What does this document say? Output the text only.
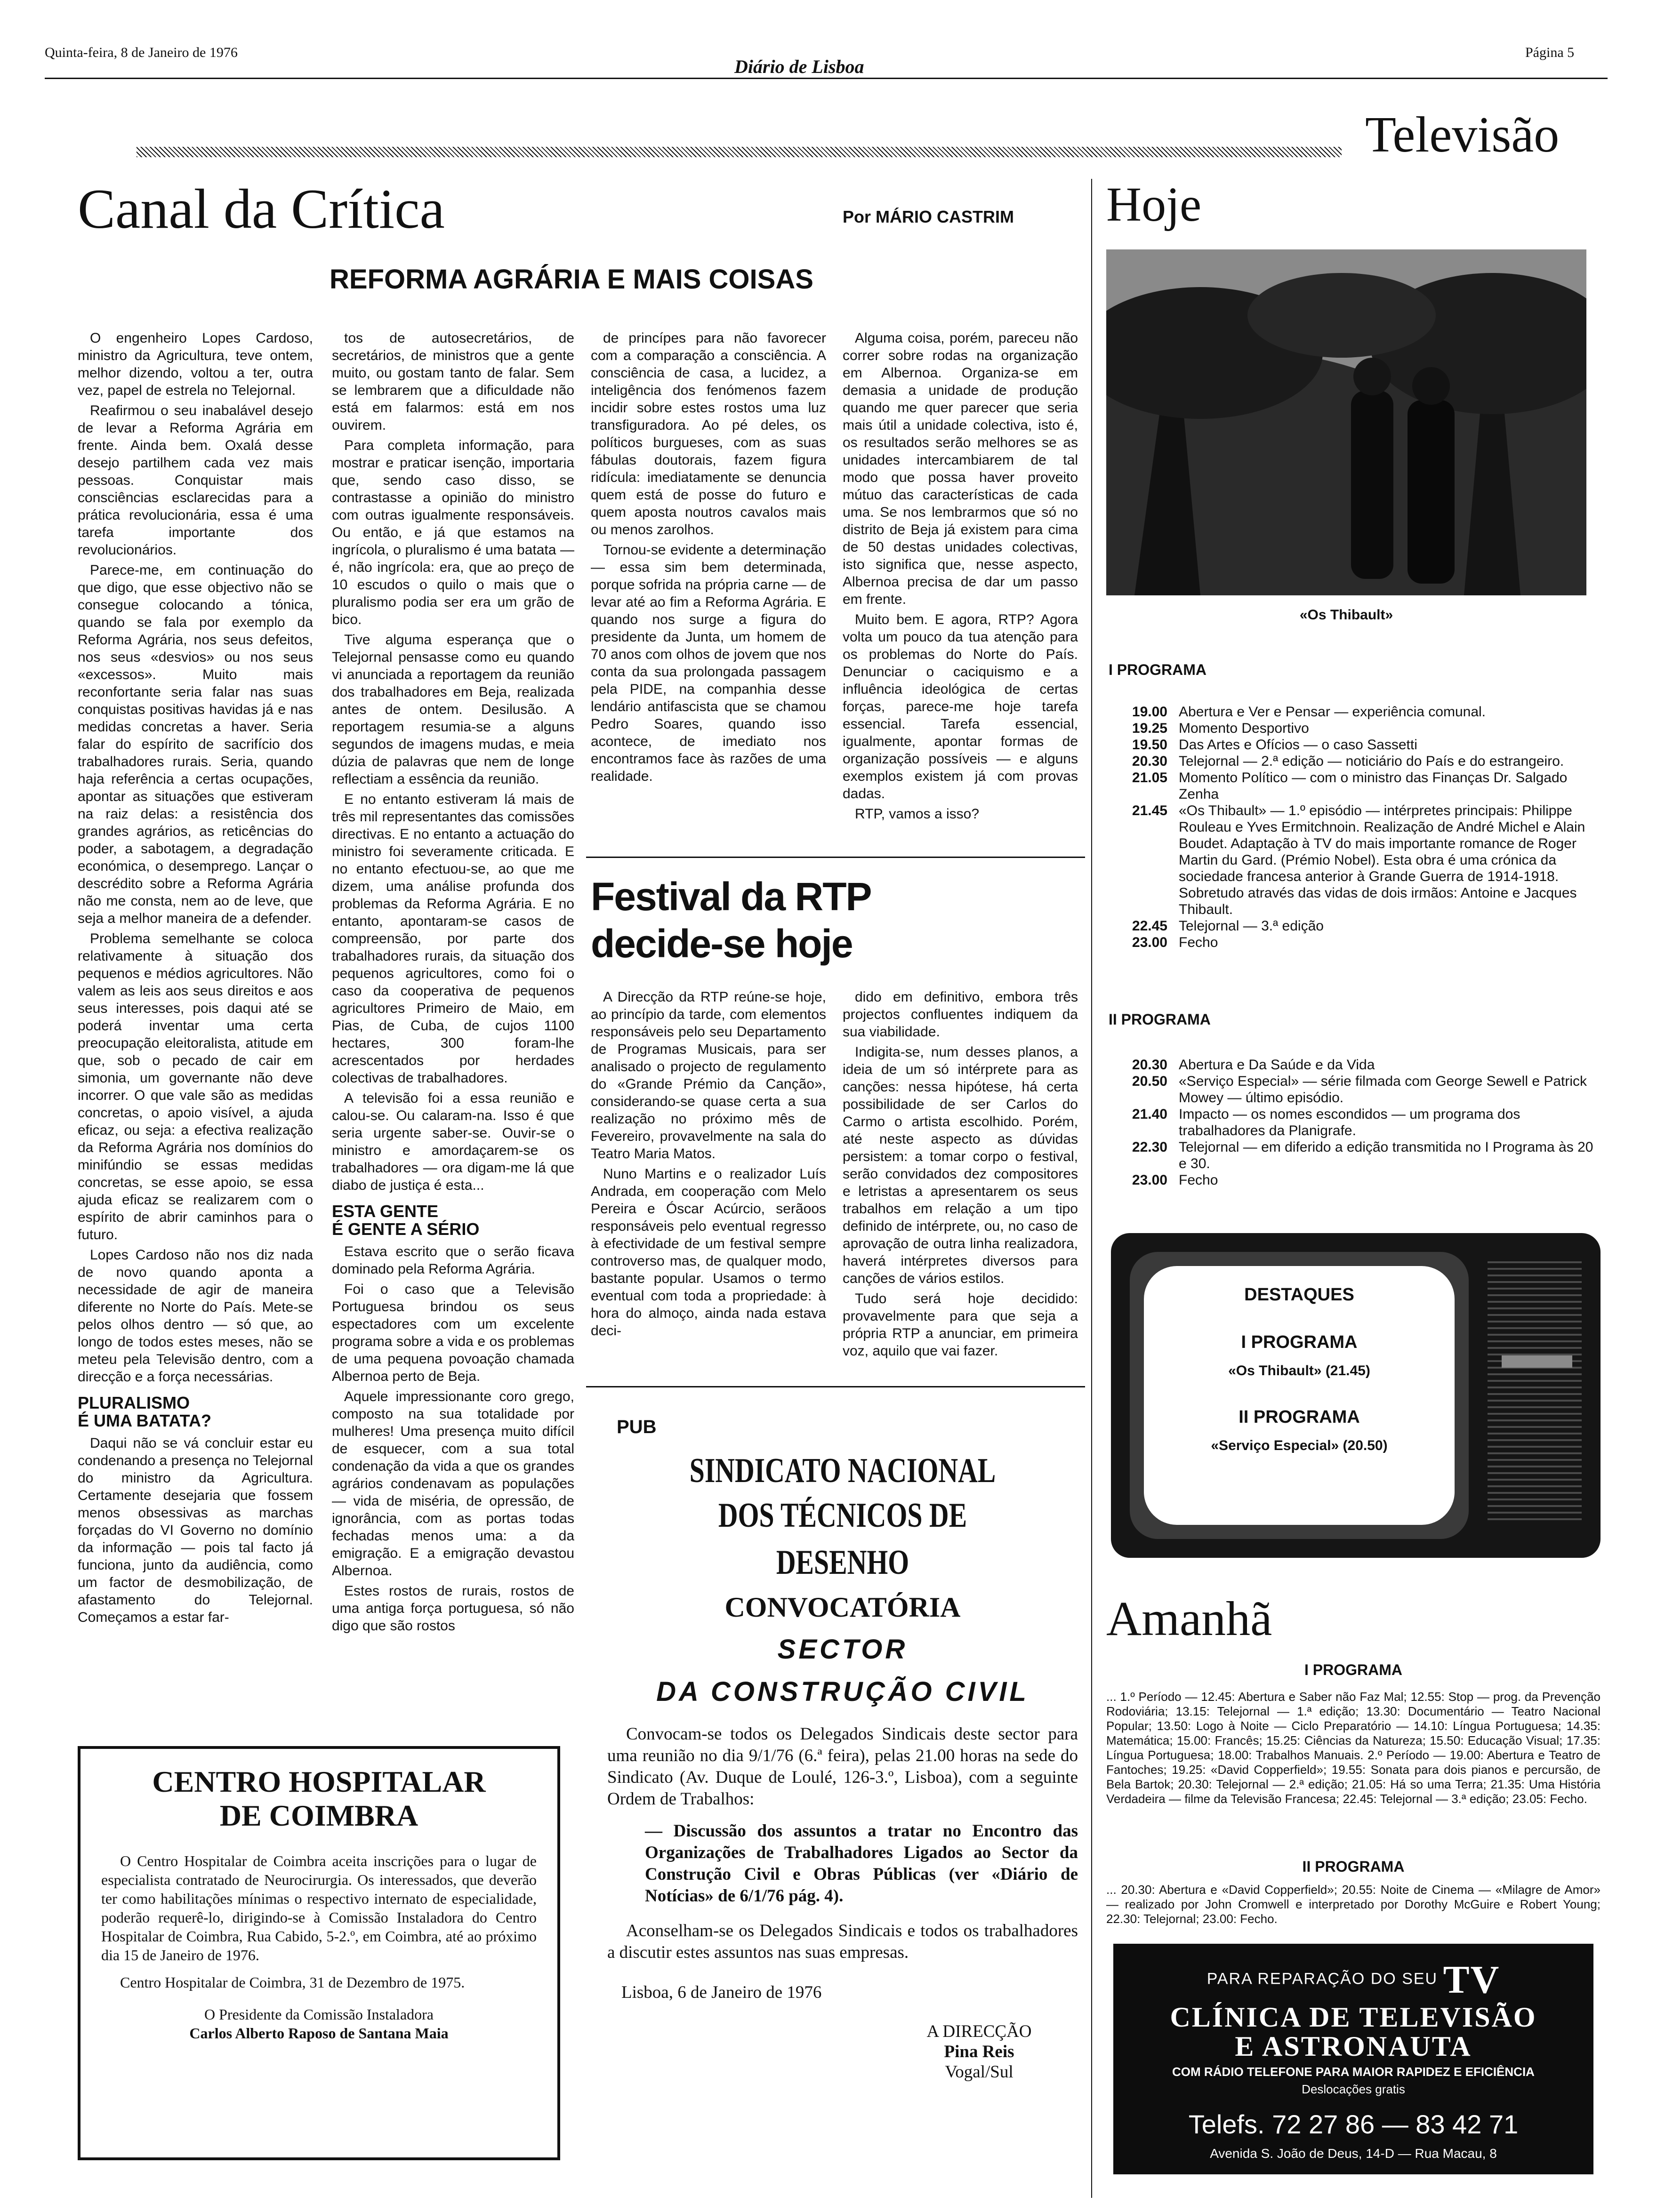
Quinta-feira, 8 de Janeiro de 1976
Diário de Lisboa
Página 5
Televisão
Canal da Crítica	Por MÁRIO CASTRIM
REFORMA AGRÁRIA E MAIS COISAS

O engenheiro Lopes Cardoso, ministro da Agricultura, teve ontem, melhor dizendo, voltou a ter, outra vez, papel de estrela no Telejornal.

Reafirmou o seu inabalável desejo de levar a Reforma Agrária em frente. Ainda bem. Oxalá desse desejo partilhem cada vez mais pessoas. Conquistar mais consciências esclarecidas para a prática revolucionária, essa é uma tarefa importante dos revolucionários.

Parece-me, em continuação do que digo, que esse objectivo não se consegue colocando a tónica, quando se fala por exemplo da Reforma Agrária, nos seus defeitos, nos seus «desvios» ou nos seus «excessos». Muito mais reconfortante seria falar nas suas conquistas positivas havidas já e nas medidas concretas a haver. Seria falar do espírito de sacrifício dos trabalhadores rurais. Seria, quando haja referência a certas ocupações, apontar as situações que estiveram na raiz delas: a resistência dos grandes agrários, as reticências do poder, a sabotagem, a degradação económica, o desemprego. Lançar o descrédito sobre a Reforma Agrária não me consta, nem ao de leve, que seja a melhor maneira de a defender.

Problema semelhante se coloca relativamente à situação dos pequenos e médios agricultores. Não valem as leis aos seus direitos e aos seus interesses, pois daqui até se poderá inventar uma certa preocupação eleitoralista, atitude em que, sob o pecado de cair em simonia, um governante não deve incorrer. O que vale são as medidas concretas, o apoio visível, a ajuda eficaz, ou seja: a efectiva realização da Reforma Agrária nos domínios do minifúndio se essas medidas concretas, se esse apoio, se essa ajuda eficaz se realizarem com o espírito de abrir caminhos para o futuro.

Lopes Cardoso não nos diz nada de novo quando aponta a necessidade de agir de maneira diferente no Norte do País. Mete-se pelos olhos dentro — só que, ao longo de todos estes meses, não se meteu pela Televisão dentro, com a direcção e a força necessárias.

PLURALISMO
É UMA BATATA?

Daqui não se vá concluir estar eu condenando a presença no Telejornal do ministro da Agricultura. Certamente desejaria que fossem menos obsessivas as marchas forçadas do VI Governo no domínio da informação — pois tal facto já funciona, junto da audiência, como um factor de desmobilização, de afastamento do Telejornal. Começamos a estar far-

tos de autosecretários, de secretários, de ministros que a gente muito, ou gostam tanto de falar. Sem se lembrarem que a dificuldade não está em falarmos: está em nos ouvirem.

Para completa informação, para mostrar e praticar isenção, importaria que, sendo caso disso, se contrastasse a opinião do ministro com outras igualmente responsáveis. Ou então, e já que estamos na ingrícola, o pluralismo é uma batata — é, não ingrícola: era, que ao preço de 10 escudos o quilo o mais que o pluralismo podia ser era um grão de bico.

Tive alguma esperança que o Telejornal pensasse como eu quando vi anunciada a reportagem da reunião dos trabalhadores em Beja, realizada antes de ontem. Desilusão. A reportagem resumia-se a alguns segundos de imagens mudas, e meia dúzia de palavras que nem de longe reflectiam a essência da reunião.

E no entanto estiveram lá mais de três mil representantes das comissões directivas. E no entanto a actuação do ministro foi severamente criticada. E no entanto efectuou-se, ao que me dizem, uma análise profunda dos problemas da Reforma Agrária. E no entanto, apontaram-se casos de compreensão, por parte dos trabalhadores rurais, da situação dos pequenos agricultores, como foi o caso da cooperativa de pequenos agricultores Primeiro de Maio, em Pias, de Cuba, de cujos 1100 hectares, 300 foram-lhe acrescentados por herdades colectivas de trabalhadores.

A televisão foi a essa reunião e calou-se. Ou calaram-na. Isso é que seria urgente saber-se. Ouvir-se o ministro e amordaçarem-se os trabalhadores — ora digam-me lá que diabo de justiça é esta...

ESTA GENTE
É GENTE A SÉRIO

Estava escrito que o serão ficava dominado pela Reforma Agrária.

Foi o caso que a Televisão Portuguesa brindou os seus espectadores com um excelente programa sobre a vida e os problemas de uma pequena povoação chamada Albernoa perto de Beja.

Aquele impressionante coro grego, composto na sua totalidade por mulheres! Uma presença muito difícil de esquecer, com a sua total condenação da vida a que os grandes agrários condenavam as populações — vida de miséria, de opressão, de ignorância, com as portas todas fechadas menos uma: a da emigração. E a emigração devastou Albernoa.

Estes rostos de rurais, rostos de uma antiga força portuguesa, só não digo que são rostos

de princípes para não favorecer com a comparação a consciência. A consciência de casa, a lucidez, a inteligência dos fenómenos fazem incidir sobre estes rostos uma luz transfiguradora. Ao pé deles, os políticos burgueses, com as suas fábulas doutorais, fazem figura ridícula: imediatamente se denuncia quem está de posse do futuro e quem aposta noutros cavalos mais ou menos zarolhos.

Tornou-se evidente a determinação — essa sim bem determinada, porque sofrida na própria carne — de levar até ao fim a Reforma Agrária. E quando nos surge a figura do presidente da Junta, um homem de 70 anos com olhos de jovem que nos conta da sua prolongada passagem pela PIDE, na companhia desse lendário antifascista que se chamou Pedro Soares, quando isso acontece, de imediato nos encontramos face às razões de uma realidade.

Alguma coisa, porém, pareceu não correr sobre rodas na organização em Albernoa. Organiza-se em demasia a unidade de produção quando me quer parecer que seria mais útil a unidade colectiva, isto é, os resultados serão melhores se as unidades intercambiarem de tal modo que possa haver proveito mútuo das características de cada uma. Se nos lembrarmos que só no distrito de Beja já existem para cima de 50 destas unidades colectivas, isto significa que, nesse aspecto, Albernoa precisa de dar um passo em frente.

Muito bem. E agora, RTP? Agora volta um pouco da tua atenção para os problemas do Norte do País. Denunciar o caciquismo e a influência ideológica de certas forças, parece-me hoje tarefa essencial. Tarefa essencial, igualmente, apontar formas de organização possíveis — e alguns exemplos existem já com provas dadas.

RTP, vamos a isso?

Festival da RTP
decide-se hoje

A Direcção da RTP reúne-se hoje, ao princípio da tarde, com elementos responsáveis pelo seu Departamento de Programas Musicais, para ser analisado o projecto de regulamento do «Grande Prémio da Canção», considerando-se quase certa a sua realização no próximo mês de Fevereiro, provavelmente na sala do Teatro Maria Matos.

Nuno Martins e o realizador Luís Andrada, em cooperação com Melo Pereira e Óscar Acúrcio, serãoos responsáveis pelo eventual regresso à efectividade de um festival sempre controverso mas, de qualquer modo, bastante popular. Usamos o termo eventual com toda a propriedade: à hora do almoço, ainda nada estava deci-

dido em definitivo, embora três projectos confluentes indiquem da sua viabilidade.

Indigita-se, num desses planos, a ideia de um só intérprete para as canções: nessa hipótese, há certa possibilidade de ser Carlos do Carmo o artista escolhido. Porém, até neste aspecto as dúvidas persistem: a tomar corpo o festival, serão convidados dez compositores e letristas a apresentarem os seus trabalhos em relação a um tipo definido de intérprete, ou, no caso de aprovação de outra linha realizadora, haverá intérpretes diversos para canções de vários estilos.

Tudo será hoje decidido: provavelmente para que seja a própria RTP a anunciar, em primeira voz, aquilo que vai fazer.

PUB
SINDICATO NACIONAL
DOS TÉCNICOS DE DESENHO
CONVOCATÓRIA
SECTOR
DA CONSTRUÇÃO CIVIL
Convocam-se todos os Delegados Sindicais deste sector para uma reunião no dia 9/1/76 (6.ª feira), pelas 21.00 horas na sede do Sindicato (Av. Duque de Loulé, 126-3.º, Lisboa), com a seguinte Ordem de Trabalhos:
— Discussão dos assuntos a tratar no Encontro das Organizações de Trabalhadores Ligados ao Sector da Construção Civil e Obras Públicas (ver «Diário de Notícias» de 6/1/76 pág. 4).
Aconselham-se os Delegados Sindicais e todos os trabalhadores a discutir estes assuntos nas suas empresas.
Lisboa, 6 de Janeiro de 1976
A DIRECÇÃO
Pina Reis
Vogal/Sul
CENTRO HOSPITALAR
DE COIMBRA
O Centro Hospitalar de Coimbra aceita inscrições para o lugar de especialista contratado de Neurocirurgia. Os interessados, que deverão ter como habilitações mínimas o respectivo internato de especialidade, poderão requerê-lo, dirigindo-se à Comissão Instaladora do Centro Hospitalar de Coimbra, Rua Cabido, 5-2.º, em Coimbra, até ao próximo dia 15 de Janeiro de 1976.
Centro Hospitalar de Coimbra, 31 de Dezembro de 1975.
O Presidente da Comissão Instaladora
Carlos Alberto Raposo de Santana Maia
Hoje
«Os Thibault»
I PROGRAMA
19.00 Abertura e Ver e Pensar — experiência comunal.
19.25 Momento Desportivo
19.50 Das Artes e Ofícios — o caso Sassetti
20.30 Telejornal — 2.ª edição — noticiário do País e do estrangeiro.
21.05 Momento Político — com o ministro das Finanças Dr. Salgado Zenha
21.45 «Os Thibault» — 1.º episódio — intérpretes principais: Philippe Rouleau e Yves Ermitchnoin. Realização de André Michel e Alain Boudet. Adaptação à TV do mais importante romance de Roger Martin du Gard. (Prémio Nobel). Esta obra é uma crónica da sociedade francesa anterior à Grande Guerra de 1914-1918. Sobretudo através das vidas de dois irmãos: Antoine e Jacques Thibault.
22.45 Telejornal — 3.ª edição
23.00 Fecho
II PROGRAMA
20.30 Abertura e Da Saúde e da Vida
20.50 «Serviço Especial» — série filmada com George Sewell e Patrick Mowey — último episódio.
21.40 Impacto — os nomes escondidos — um programa dos trabalhadores da Planigrafe.
22.30 Telejornal — em diferido a edição transmitida no I Programa às 20 e 30.
23.00 Fecho
DESTAQUES
I PROGRAMA
«Os Thibault» (21.45)
II PROGRAMA
«Serviço Especial» (20.50)
Amanhã
I PROGRAMA
... 1.º Período — 12.45: Abertura e Saber não Faz Mal; 12.55: Stop — prog. da Prevenção Rodoviária; 13.15: Telejornal — 1.ª edição; 13.30: Documentário — Teatro Nacional Popular; 13.50: Logo à Noite — Ciclo Preparatório — 14.10: Língua Portuguesa; 14.35: Matemática; 15.00: Francês; 15.25: Ciências da Natureza; 15.50: Educação Visual; 17.35: Língua Portuguesa; 18.00: Trabalhos Manuais. 2.º Período — 19.00: Abertura e Teatro de Fantoches; 19.25: «David Copperfield»; 19.55: Sonata para dois pianos e percursão, de Bela Bartok; 20.30: Telejornal — 2.ª edição; 21.05: Há so uma Terra; 21.35: Uma História Verdadeira — filme da Televisão Francesa; 22.45: Telejornal — 3.ª edição; 23.05: Fecho.
II PROGRAMA
... 20.30: Abertura e «David Copperfield»; 20.55: Noite de Cinema — «Milagre de Amor» — realizado por John Cromwell e interpretado por Dorothy McGuire e Robert Young; 22.30: Telejornal; 23.00: Fecho.
PARA REPARAÇÃO DO SEU TV
CLÍNICA DE TELEVISÃO
E ASTRONAUTA
COM RÁDIO TELEFONE PARA MAIOR RAPIDEZ E EFICIÊNCIA
Deslocações gratis
Telefs. 72 27 86 — 83 42 71
Avenida S. João de Deus, 14-D — Rua Macau, 8
